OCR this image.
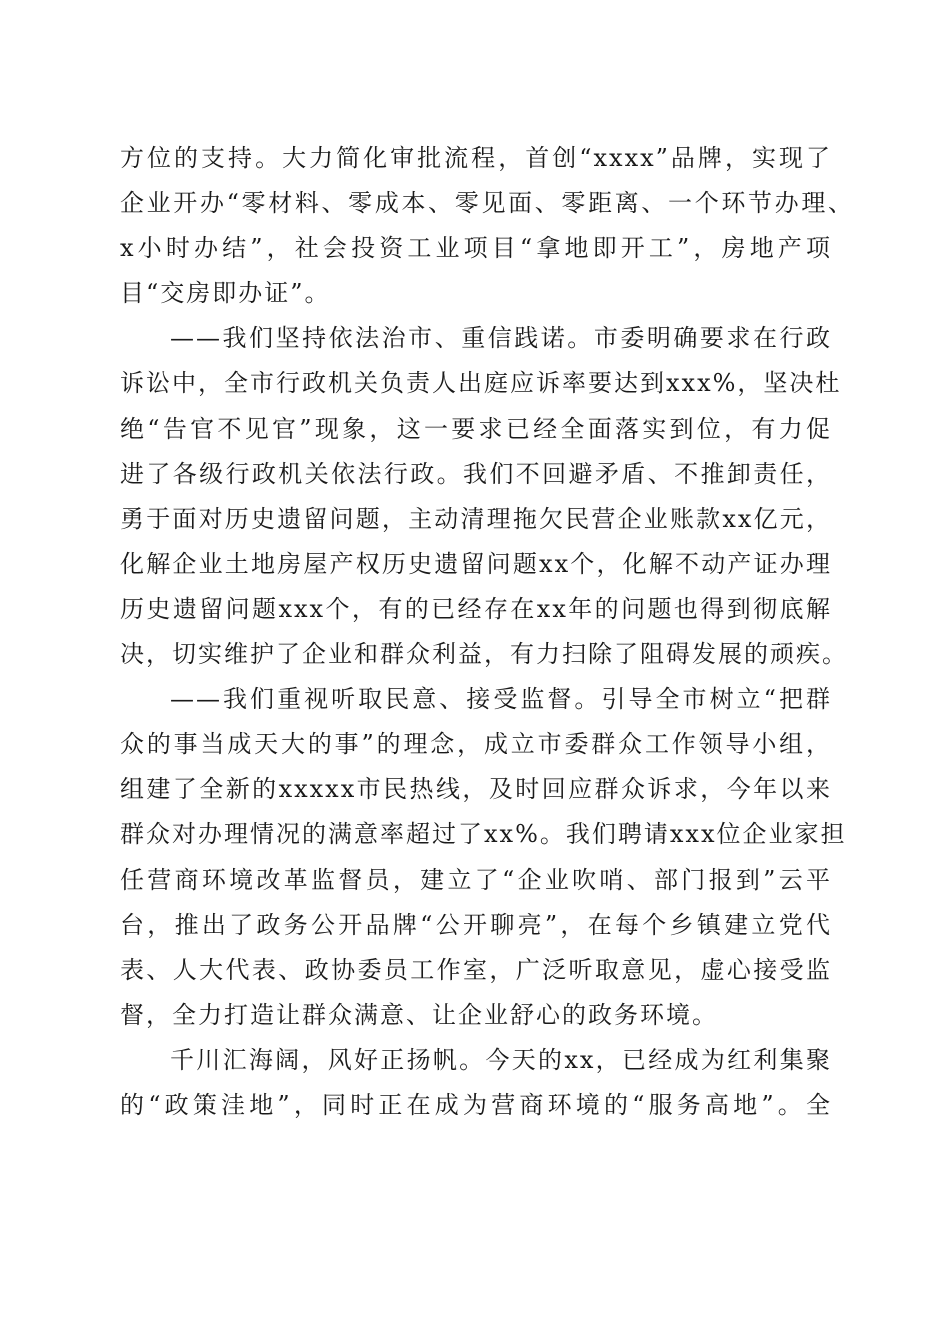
方位的支持。大力简化审批流程，首创“xxxx”品牌，实现了
企业开办“零材料、零成本、零见面、零距离、一个环节办理、
x小时办结”，社会投资工业项目“拿地即开工”，房地产项
目“交房即办证”。
——我们坚持依法治市、重信践诺。市委明确要求在行政
诉讼中，全市行政机关负责人出庭应诉率要达到xxx%，坚决杜
绝“告官不见官”现象，这一要求已经全面落实到位，有力促
进了各级行政机关依法行政。我们不回避矛盾、不推卸责任，
勇于面对历史遗留问题，主动清理拖欠民营企业账款xx亿元，
化解企业土地房屋产权历史遗留问题xx个，化解不动产证办理
历史遗留问题xxx个，有的已经存在xx年的问题也得到彻底解
决，切实维护了企业和群众利益，有力扫除了阻碍发展的顽疾。
——我们重视听取民意、接受监督。引导全市树立“把群
众的事当成天大的事”的理念，成立市委群众工作领导小组，
组建了全新的xxxxx市民热线，及时回应群众诉求，今年以来
群众对办理情况的满意率超过了xx%。我们聘请xxx位企业家担
任营商环境改革监督员，建立了“企业吹哨、部门报到”云平
台，推出了政务公开品牌“公开聊亮”，在每个乡镇建立党代
表、人大代表、政协委员工作室，广泛听取意见，虚心接受监
督，全力打造让群众满意、让企业舒心的政务环境。
千川汇海阔，风好正扬帆。今天的xx，已经成为红利集聚
的“政策洼地”，同时正在成为营商环境的“服务高地”。全
